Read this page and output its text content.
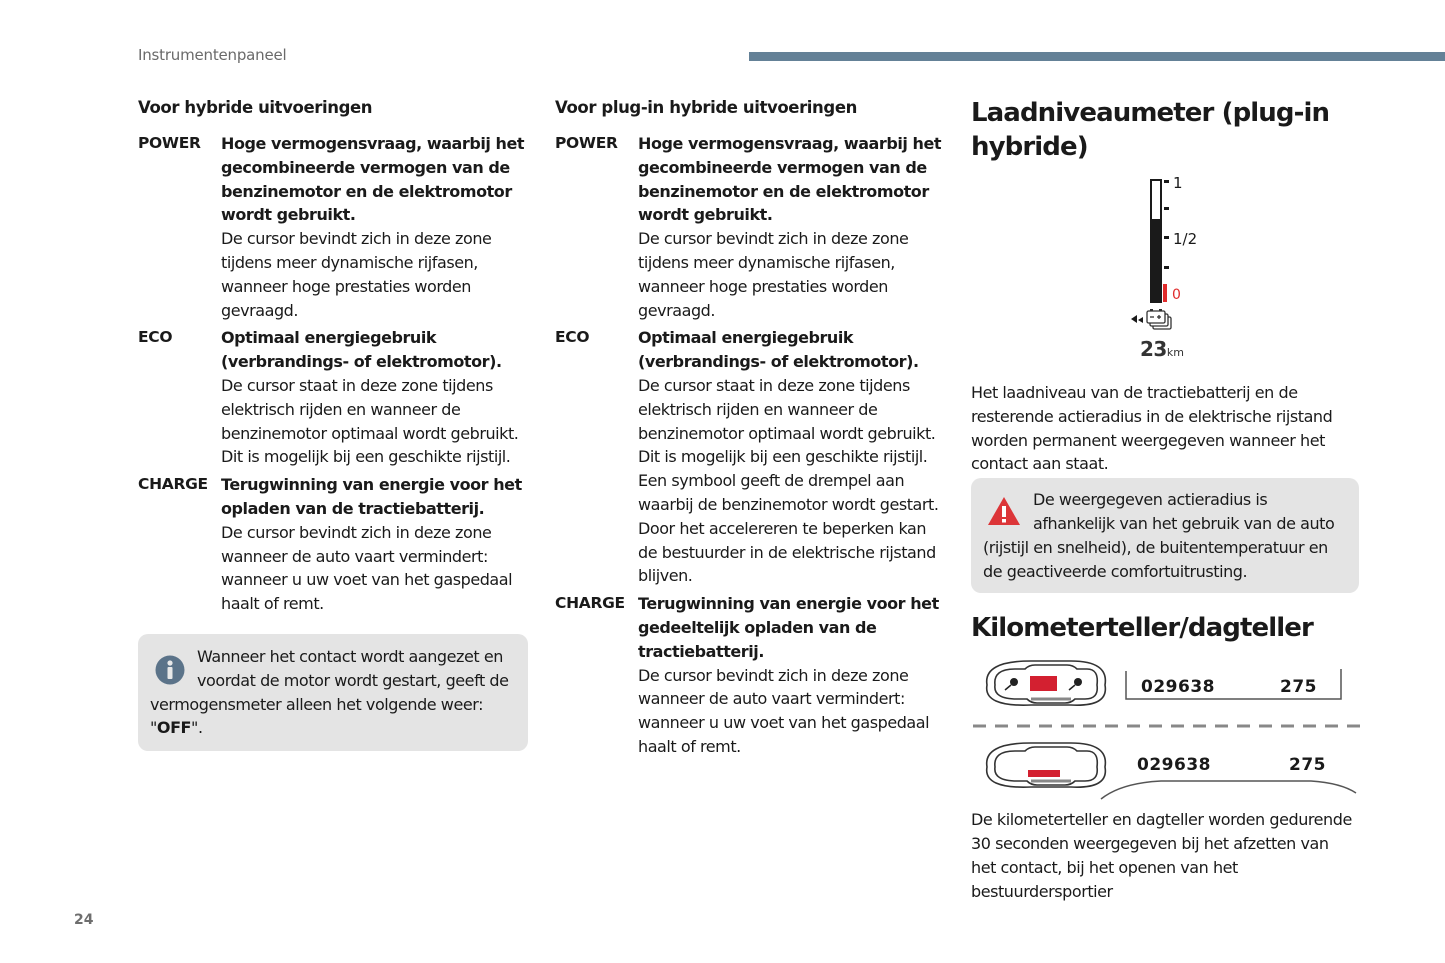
Instrumentenpaneel
Voor hybride uitvoeringen
POWER	Hoge vermogensvraag, waarbij het gecombineerde vermogen van de benzinemotor en de elektromotor wordt gebruikt.
De cursor bevindt zich in deze zone tijdens meer dynamische rijfasen, wanneer hoge prestaties worden gevraagd.
ECO	Optimaal energiegebruik (verbrandings- of elektromotor).
De cursor staat in deze zone tijdens elektrisch rijden en wanneer de benzinemotor optimaal wordt gebruikt. Dit is mogelijk bij een geschikte rijstijl.
CHARGE Terugwinning van energie voor het opladen van de tractiebatterij.
De cursor bevindt zich in deze zone wanneer de auto vaart vermindert: wanneer u uw voet van het gaspedaal haalt of remt.
Wanneer het contact wordt aangezet en voordat de motor wordt gestart, geeft de vermogensmeter alleen het volgende weer: "OFF".
Voor plug-in hybride uitvoeringen
POWER	Hoge vermogensvraag, waarbij het gecombineerde vermogen van de benzinemotor en de elektromotor wordt gebruikt.
De cursor bevindt zich in deze zone tijdens meer dynamische rijfasen, wanneer hoge prestaties worden gevraagd.
ECO	Optimaal energiegebruik (verbrandings- of elektromotor).
De cursor staat in deze zone tijdens elektrisch rijden en wanneer de benzinemotor optimaal wordt gebruikt. Dit is mogelijk bij een geschikte rijstijl. Een symbool geeft de drempel aan waarbij de benzinemotor wordt gestart. Door het accelereren te beperken kan de bestuurder in de elektrische rijstand blijven.
CHARGE Terugwinning van energie voor het gedeeltelijk opladen van de tractiebatterij.
De cursor bevindt zich in deze zone wanneer de auto vaart vermindert: wanneer u uw voet van het gaspedaal haalt of remt.
Laadniveaumeter (plug-in hybride)
1
1/2
0
23km
Het laadniveau van de tractiebatterij en de resterende actieradius in de elektrische rijstand worden permanent weergegeven wanneer het contact aan staat.
De weergegeven actieradius is afhankelijk van het gebruik van de auto (rijstijl en snelheid), de buitentemperatuur en de geactiveerde comfortuitrusting.
Kilometerteller/dagteller
029638	275
029638	275
De kilometerteller en dagteller worden gedurende 30 seconden weergegeven bij het afzetten van het contact, bij het openen van het bestuurdersportier
24
